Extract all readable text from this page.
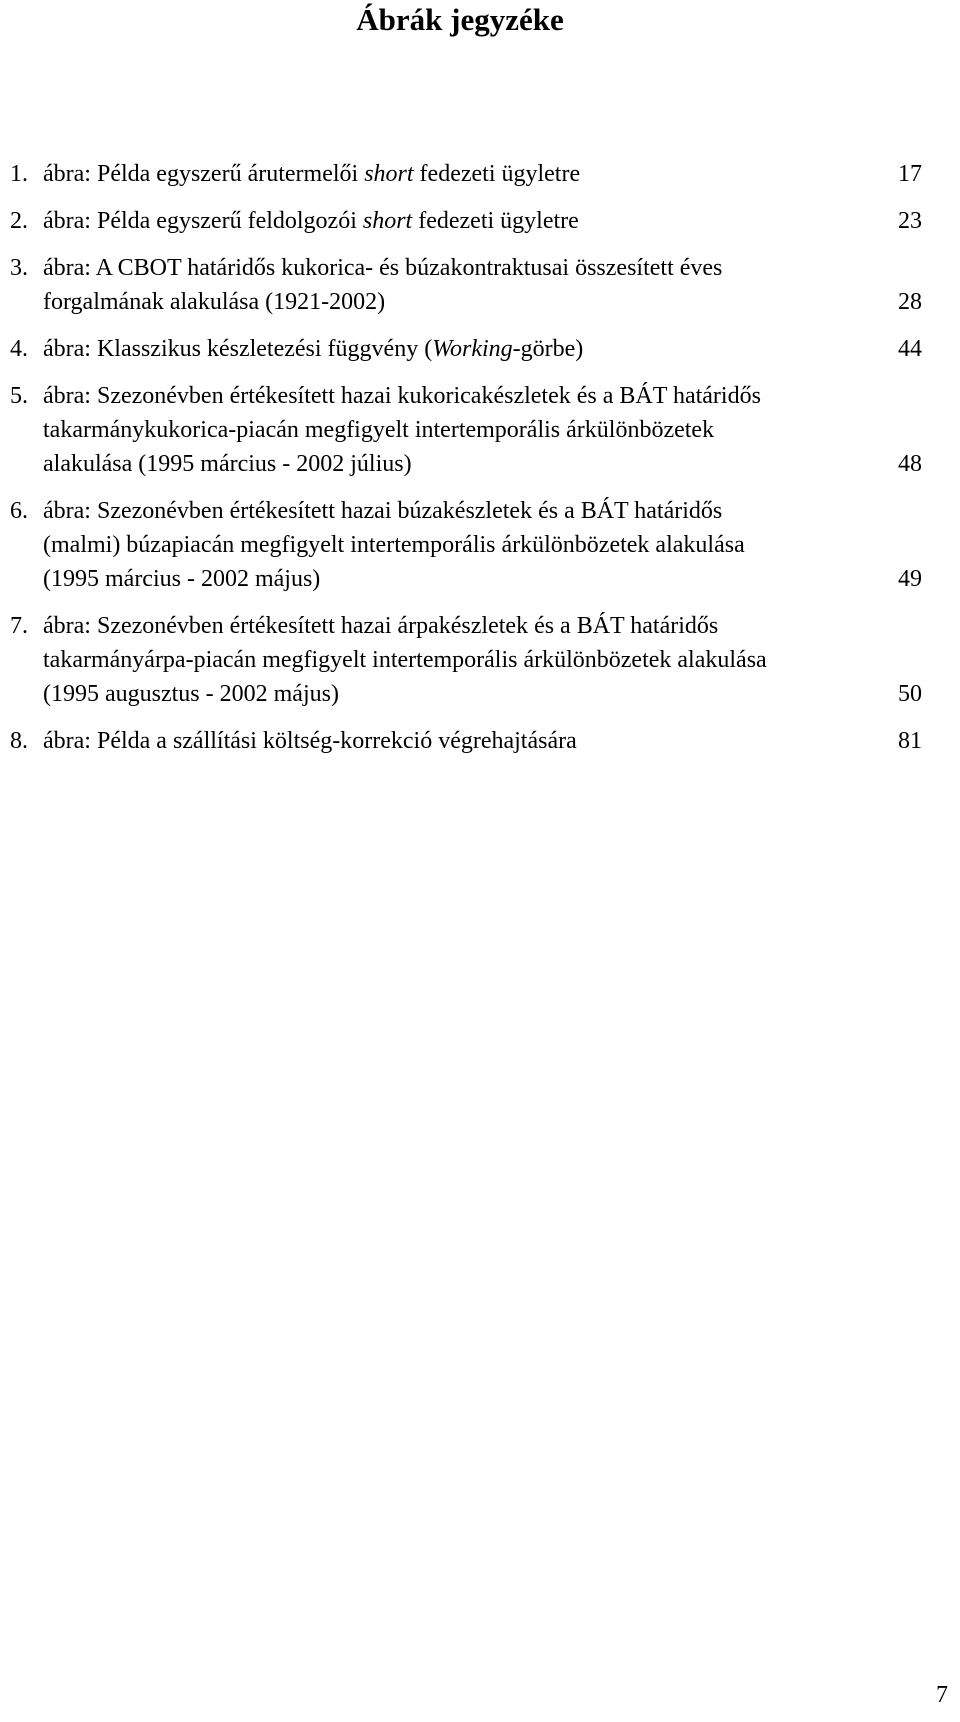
Ábrák jegyzéke
1. ábra: Példa egyszerű árutermelői short fedezeti ügyletre	17
2. ábra: Példa egyszerű feldolgozói short fedezeti ügyletre	23
3. ábra: A CBOT határidős kukorica- és búzakontraktusai összesített éves forgalmának alakulása (1921-2002)	28
4. ábra: Klasszikus készletezési függvény (Working-görbe)	44
5. ábra: Szezonévben értékesített hazai kukoricakészletek és a BÁT határidős takarmánykukorica-piacán megfigyelt intertemporális árkülönbözetek alakulása (1995 március - 2002 július)	48
6. ábra: Szezonévben értékesített hazai búzakészletek és a BÁT határidős (malmi) búzapiacán megfigyelt intertemporális árkülönbözetek alakulása (1995 március - 2002 május)	49
7. ábra: Szezonévben értékesített hazai árpakészletek és a BÁT határidős takarmányárpa-piacán megfigyelt intertemporális árkülönbözetek alakulása (1995 augusztus - 2002 május)	50
8. ábra: Példa a szállítási költség-korrekció végrehajtására	81
7
